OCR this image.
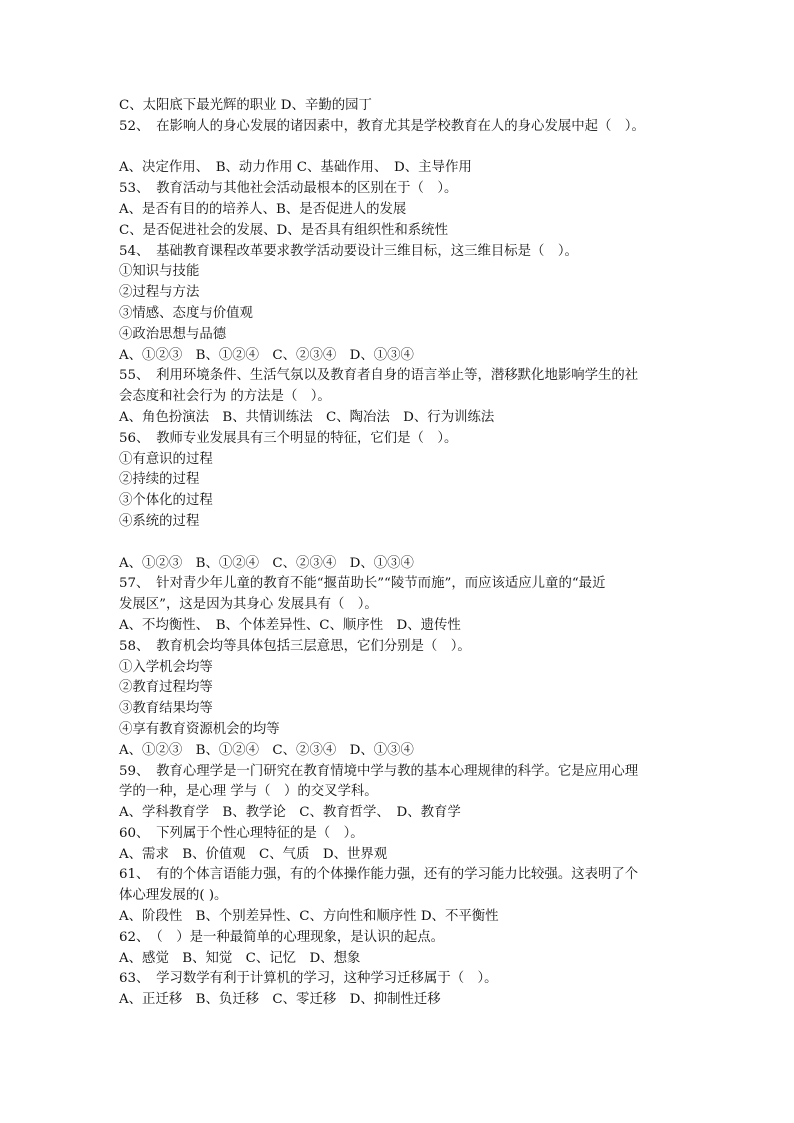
C、太阳底下最光辉的职业 D、辛勤的园丁
52、　在影响人的身心发展的诸因素中，教育尤其是学校教育在人的身心发展中起（　）。
A、决定作用、　B、动力作用 C、基础作用、　D、主导作用
53、　教育活动与其他社会活动最根本的区别在于（　）。
A、是否有目的的培养人、B、是否促进人的发展
C、是否促进社会的发展、D、是否具有组织性和系统性
54、　基础教育课程改革要求教学活动要设计三维目标，这三维目标是（　）。
①知识与技能
②过程与方法
③情感、态度与价值观
④政治思想与品德
A、①②③　B、①②④　C、②③④　D、①③④
55、　利用环境条件、生活气氛以及教育者自身的语言举止等，潜移默化地影响学生的社
会态度和社会行为 的方法是（　）。
A、角色扮演法　B、共情训练法　C、陶冶法　D、行为训练法
56、　教师专业发展具有三个明显的特征，它们是（　）。
①有意识的过程
②持续的过程
③个体化的过程
④系统的过程
A、①②③　B、①②④　C、②③④　D、①③④
57、　针对青少年儿童的教育不能“揠苗助长”“陵节而施”，而应该适应儿童的“最近
发展区”，这是因为其身心 发展具有（　）。
A、不均衡性、　B、个体差异性、C、顺序性　D、遗传性
58、　教育机会均等具体包括三层意思，它们分别是（　）。
①入学机会均等
②教育过程均等
③教育结果均等
④享有教育资源机会的均等
A、①②③　B、①②④　C、②③④　D、①③④
59、　教育心理学是一门研究在教育情境中学与教的基本心理规律的科学。它是应用心理
学的一种，是心理 学与（　）的交叉学科。
A、学科教育学　B、教学论　C、教育哲学、　D、教育学
60、　下列属于个性心理特征的是（　）。
A、需求　B、价值观　C、气质　D、世界观
61、　有的个体言语能力强，有的个体操作能力强，还有的学习能力比较强。这表明了个
体心理发展的( )。
A、阶段性　B、个别差异性、C、方向性和顺序性 D、不平衡性
62、　（　）是一种最简单的心理现象，是认识的起点。
A、感觉　B、知觉　C、记忆　D、想象
63、　学习数学有利于计算机的学习，这种学习迁移属于（　）。
A、正迁移　B、负迁移　C、零迁移　D、抑制性迁移
